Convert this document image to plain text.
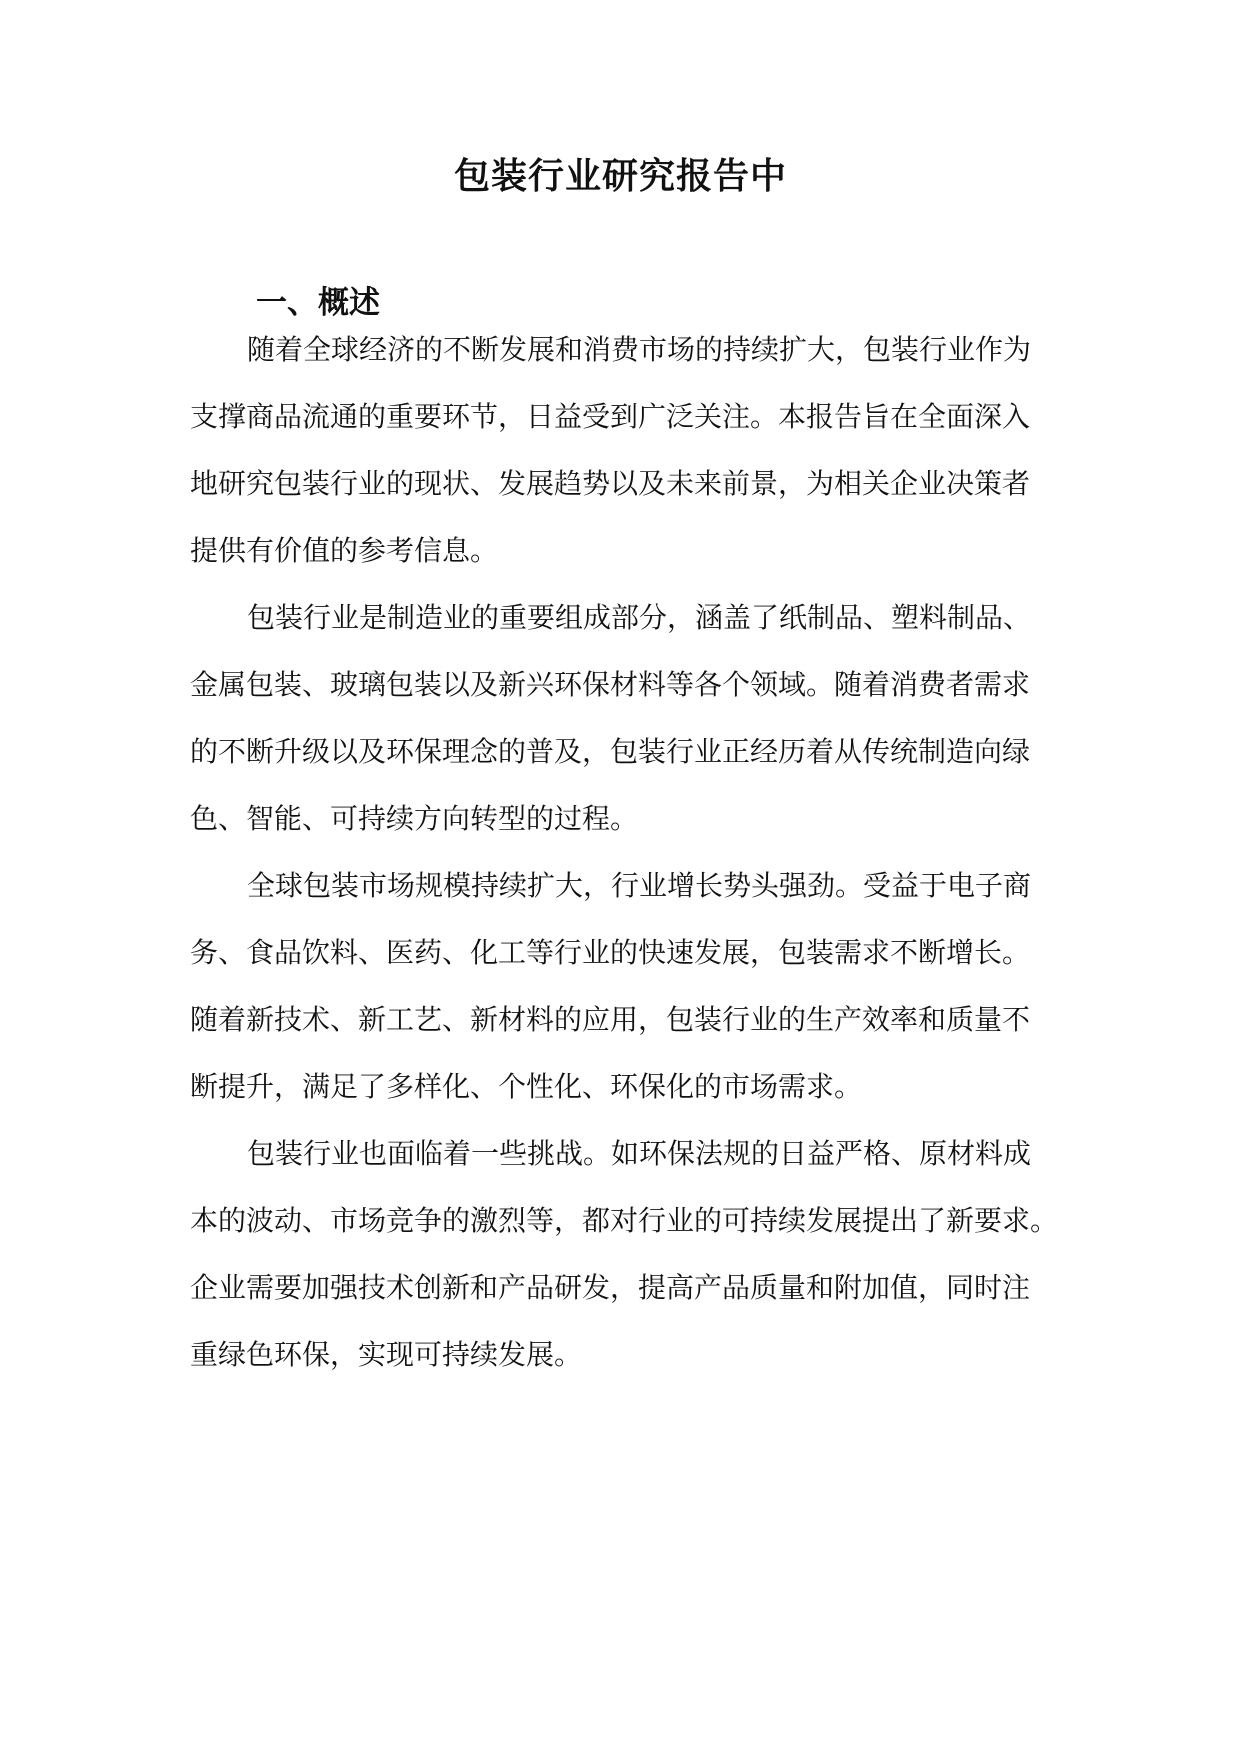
包装行业研究报告中
一、概述

随着全球经济的不断发展和消费市场的持续扩大，包装行业作为

支撑商品流通的重要环节，日益受到广泛关注。本报告旨在全面深入

地研究包装行业的现状、发展趋势以及未来前景，为相关企业决策者

提供有价值的参考信息。

包装行业是制造业的重要组成部分，涵盖了纸制品、塑料制品、

金属包装、玻璃包装以及新兴环保材料等各个领域。随着消费者需求

的不断升级以及环保理念的普及，包装行业正经历着从传统制造向绿

色、智能、可持续方向转型的过程。

全球包装市场规模持续扩大，行业增长势头强劲。受益于电子商

务、食品饮料、医药、化工等行业的快速发展，包装需求不断增长。

随着新技术、新工艺、新材料的应用，包装行业的生产效率和质量不

断提升，满足了多样化、个性化、环保化的市场需求。

包装行业也面临着一些挑战。如环保法规的日益严格、原材料成

本的波动、市场竞争的激烈等，都对行业的可持续发展提出了新要求。

企业需要加强技术创新和产品研发，提高产品质量和附加值，同时注

重绿色环保，实现可持续发展。
